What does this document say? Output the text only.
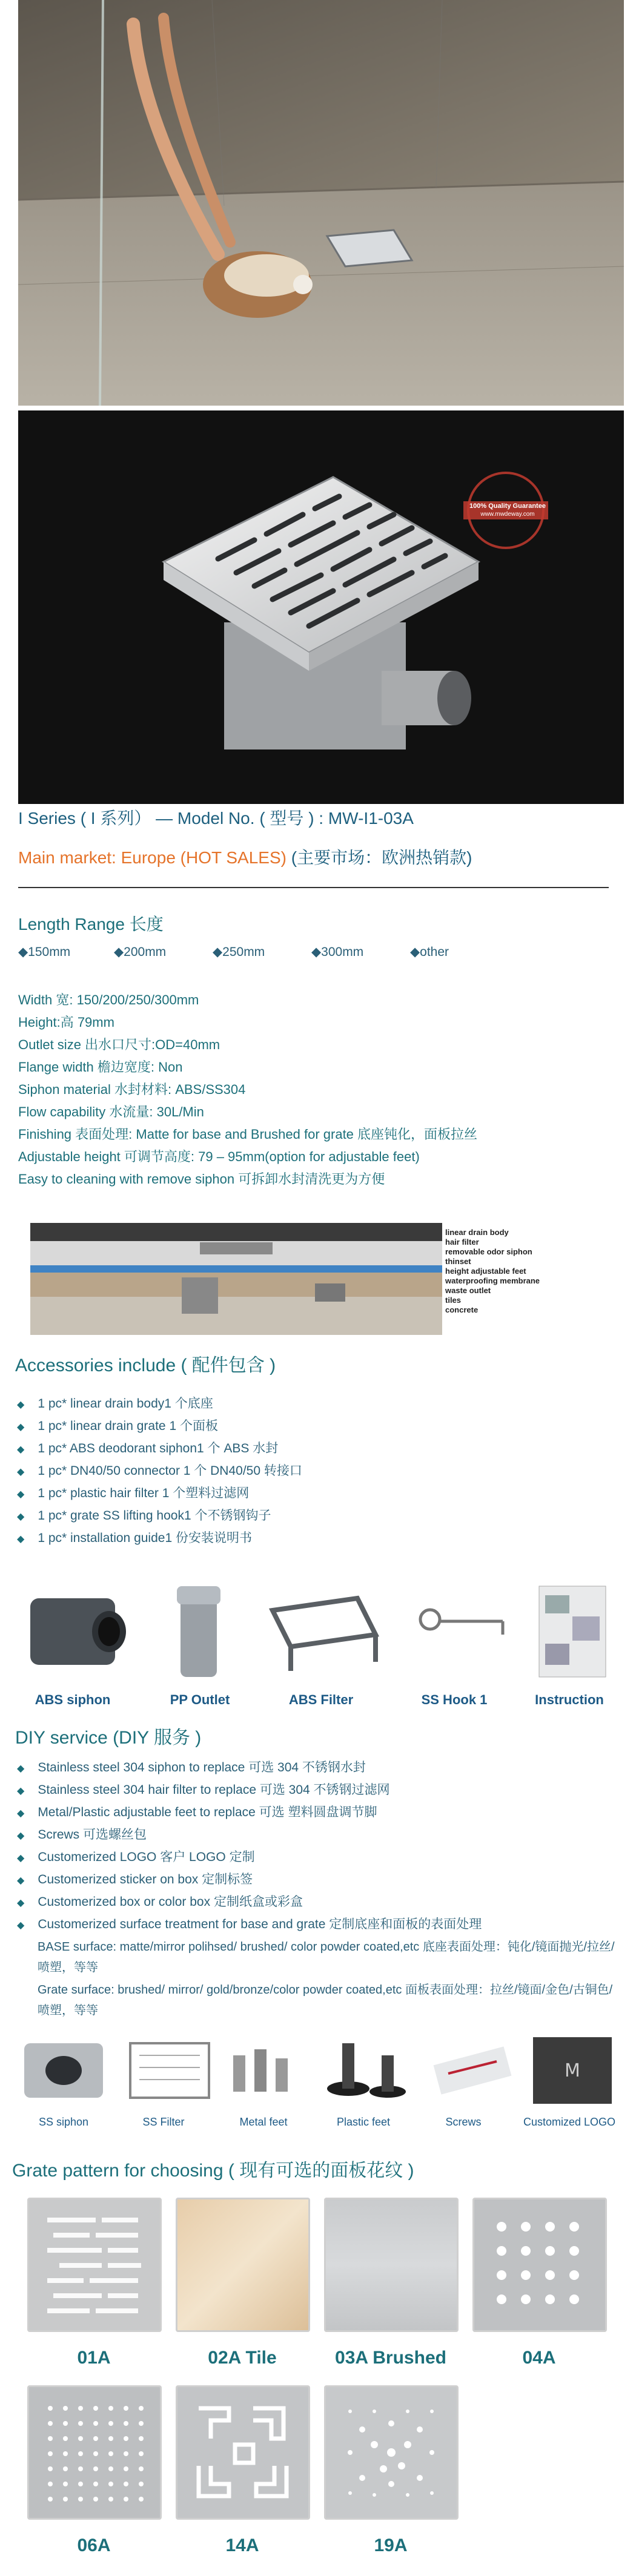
100% Quality Guarantee
www.mwdeway.com
I Series ( I 系列） — Model No. ( 型号 ) : MW-I1-03A
Main market: Europe (HOT SALES) (主要市场：欧洲热销款)
Length Range 长度
◆150mm	◆200mm	◆250mm	◆300mm	◆other
Width 宽: 150/200/250/300mm
Height:高 79mm
Outlet size 出水口尺寸:OD=40mm
Flange width 檐边宽度: Non
Siphon material 水封材料: ABS/SS304
Flow capability 水流量: 30L/Min
Finishing 表面处理: Matte for base and Brushed for grate 底座钝化，面板拉丝
Adjustable height 可调节高度: 79 – 95mm(option for adjustable feet)
Easy to cleaning with remove siphon 可拆卸水封清洗更为方便
linear drain body
hair filter
removable odor siphon
thinset
height adjustable feet
waterproofing membrane
waste outlet
tiles
concrete
Accessories include ( 配件包含 )
◆ 1 pc* linear drain body1 个底座
◆ 1 pc* linear drain grate 1 个面板
◆ 1 pc* ABS deodorant siphon1 个 ABS 水封
◆ 1 pc* DN40/50 connector 1 个 DN40/50 转接口
◆ 1 pc* plastic hair filter 1 个塑料过滤网
◆ 1 pc* grate SS lifting hook1 个不锈钢钩子
◆ 1 pc* installation guide1 份安装说明书
ABS siphon	PP Outlet	ABS Filter	SS Hook 1	Instruction
DIY service (DIY 服务 )
◆ Stainless steel 304 siphon to replace 可选 304 不锈钢水封
◆ Stainless steel 304 hair filter to replace 可选 304 不锈钢过滤网
◆ Metal/Plastic adjustable feet to replace 可选 塑料圆盘调节脚
◆ Screws 可选螺丝包
◆ Customerized LOGO 客户 LOGO 定制
◆ Customerized sticker on box 定制标签
◆ Customerized box or color box 定制纸盒或彩盒
◆ Customerized surface treatment for base and grate 定制底座和面板的表面处理
BASE surface: matte/mirror polihsed/ brushed/ color powder coated,etc 底座表面处理：钝化/镜面抛光/拉丝/喷塑，等等
Grate surface: brushed/ mirror/ gold/bronze/color powder coated,etc 面板表面处理：拉丝/镜面/金色/古铜色/喷塑，等等
M
SS siphon	SS Filter	Metal feet	Plastic feet	Screws	Customized LOGO
Grate pattern for choosing ( 现有可选的面板花纹 )
01A	02A Tile	03A Brushed	04A
06A	14A	19A
